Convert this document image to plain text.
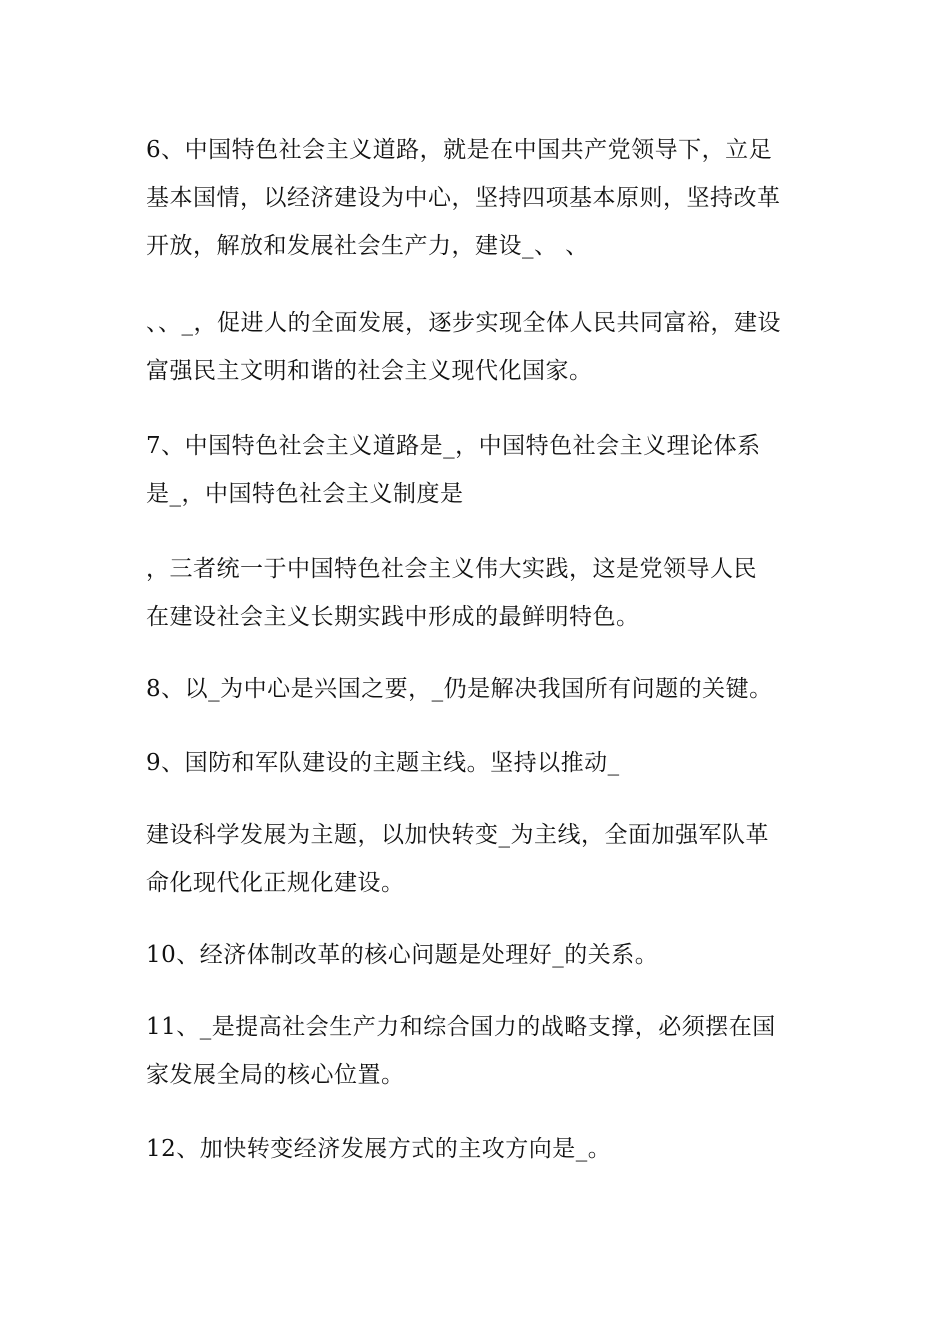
6、中国特色社会主义道路，就是在中国共产党领导下，立足
基本国情，以经济建设为中心，坚持四项基本原则，坚持改革
开放，解放和发展社会生产力，建设_、 、

、、_，促进人的全面发展，逐步实现全体人民共同富裕，建设
富强民主文明和谐的社会主义现代化国家。

7、中国特色社会主义道路是_，中国特色社会主义理论体系
是_，中国特色社会主义制度是

，三者统一于中国特色社会主义伟大实践，这是党领导人民
在建设社会主义长期实践中形成的最鲜明特色。

8、以_为中心是兴国之要，_仍是解决我国所有问题的关键。

9、国防和军队建设的主题主线。坚持以推动_

建设科学发展为主题，以加快转变_为主线，全面加强军队革
命化现代化正规化建设。

10、经济体制改革的核心问题是处理好_的关系。

11、_是提高社会生产力和综合国力的战略支撑，必须摆在国
家发展全局的核心位置。

12、加快转变经济发展方式的主攻方向是_。
